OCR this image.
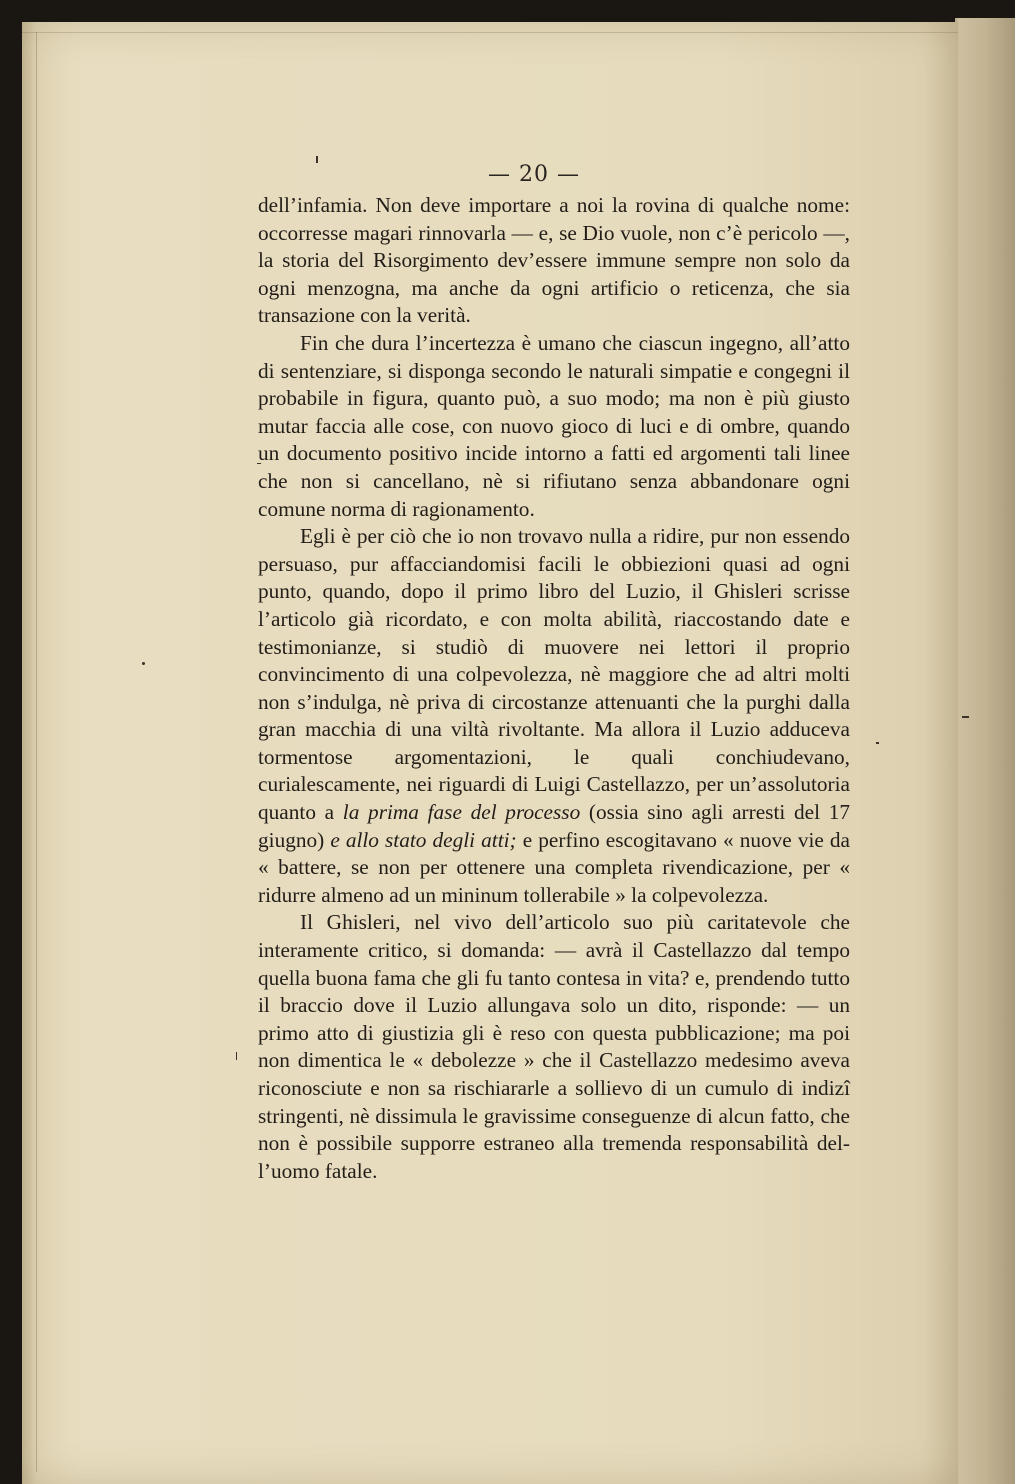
— 20 —

dell’infamia. Non deve importare a noi la rovina di qualche nome: occorresse magari rinnovarla — e, se Dio vuole, non c’è pericolo —, la storia del Risorgimento dev’essere immune sempre non solo da ogni menzogna, ma anche da ogni artificio o reticenza, che sia transazione con la verità.

Fin che dura l’incertezza è umano che ciascun ingegno, all’atto di sentenziare, si disponga secondo le naturali simpatie e congegni il probabile in figura, quanto può, a suo modo; ma non è più giusto mutar faccia alle cose, con nuovo gioco di luci e di ombre, quando un documento positivo incide intorno a fatti ed argomenti tali linee che non si cancellano, nè si rifiutano senza abbandonare ogni comune norma di ragionamento.

Egli è per ciò che io non trovavo nulla a ridire, pur non essendo persuaso, pur affacciandomisi facili le obbiezioni quasi ad ogni punto, quando, dopo il primo libro del Luzio, il Ghisleri scrisse l’articolo già ricordato, e con molta abilità, riaccostando date e testimonianze, si studiò di muovere nei lettori il proprio convincimento di una colpevolezza, nè maggiore che ad altri molti non s’indulga, nè priva di circostanze attenuanti che la purghi dalla gran macchia di una viltà rivoltante. Ma allora il Luzio adduceva tormentose argomentazioni, le quali conchiudevano, curialescamente, nei riguardi di Luigi Castellazzo, per un’assolutoria quanto a la prima fase del processo (ossia sino agli arresti del 17 giugno) e allo stato degli atti; e perfino escogitavano « nuove vie da « battere, se non per ottenere una completa rivendicazione, per « ridurre almeno ad un mininum tollerabile » la colpevolezza.

Il Ghisleri, nel vivo dell’articolo suo più caritatevole che interamente critico, si domanda: — avrà il Castellazzo dal tempo quella buona fama che gli fu tanto contesa in vita? e, prendendo tutto il braccio dove il Luzio allungava solo un dito, risponde: — un primo atto di giustizia gli è reso con questa pubblicazione; ma poi non dimentica le « debolezze » che il Castellazzo medesimo aveva riconosciute e non sa rischiararle a sollievo di un cumulo di indizî stringenti, nè dissimula le gravissime conseguenze di alcun fatto, che non è possibile supporre estraneo alla tremenda responsabilità dell’uomo fatale.
